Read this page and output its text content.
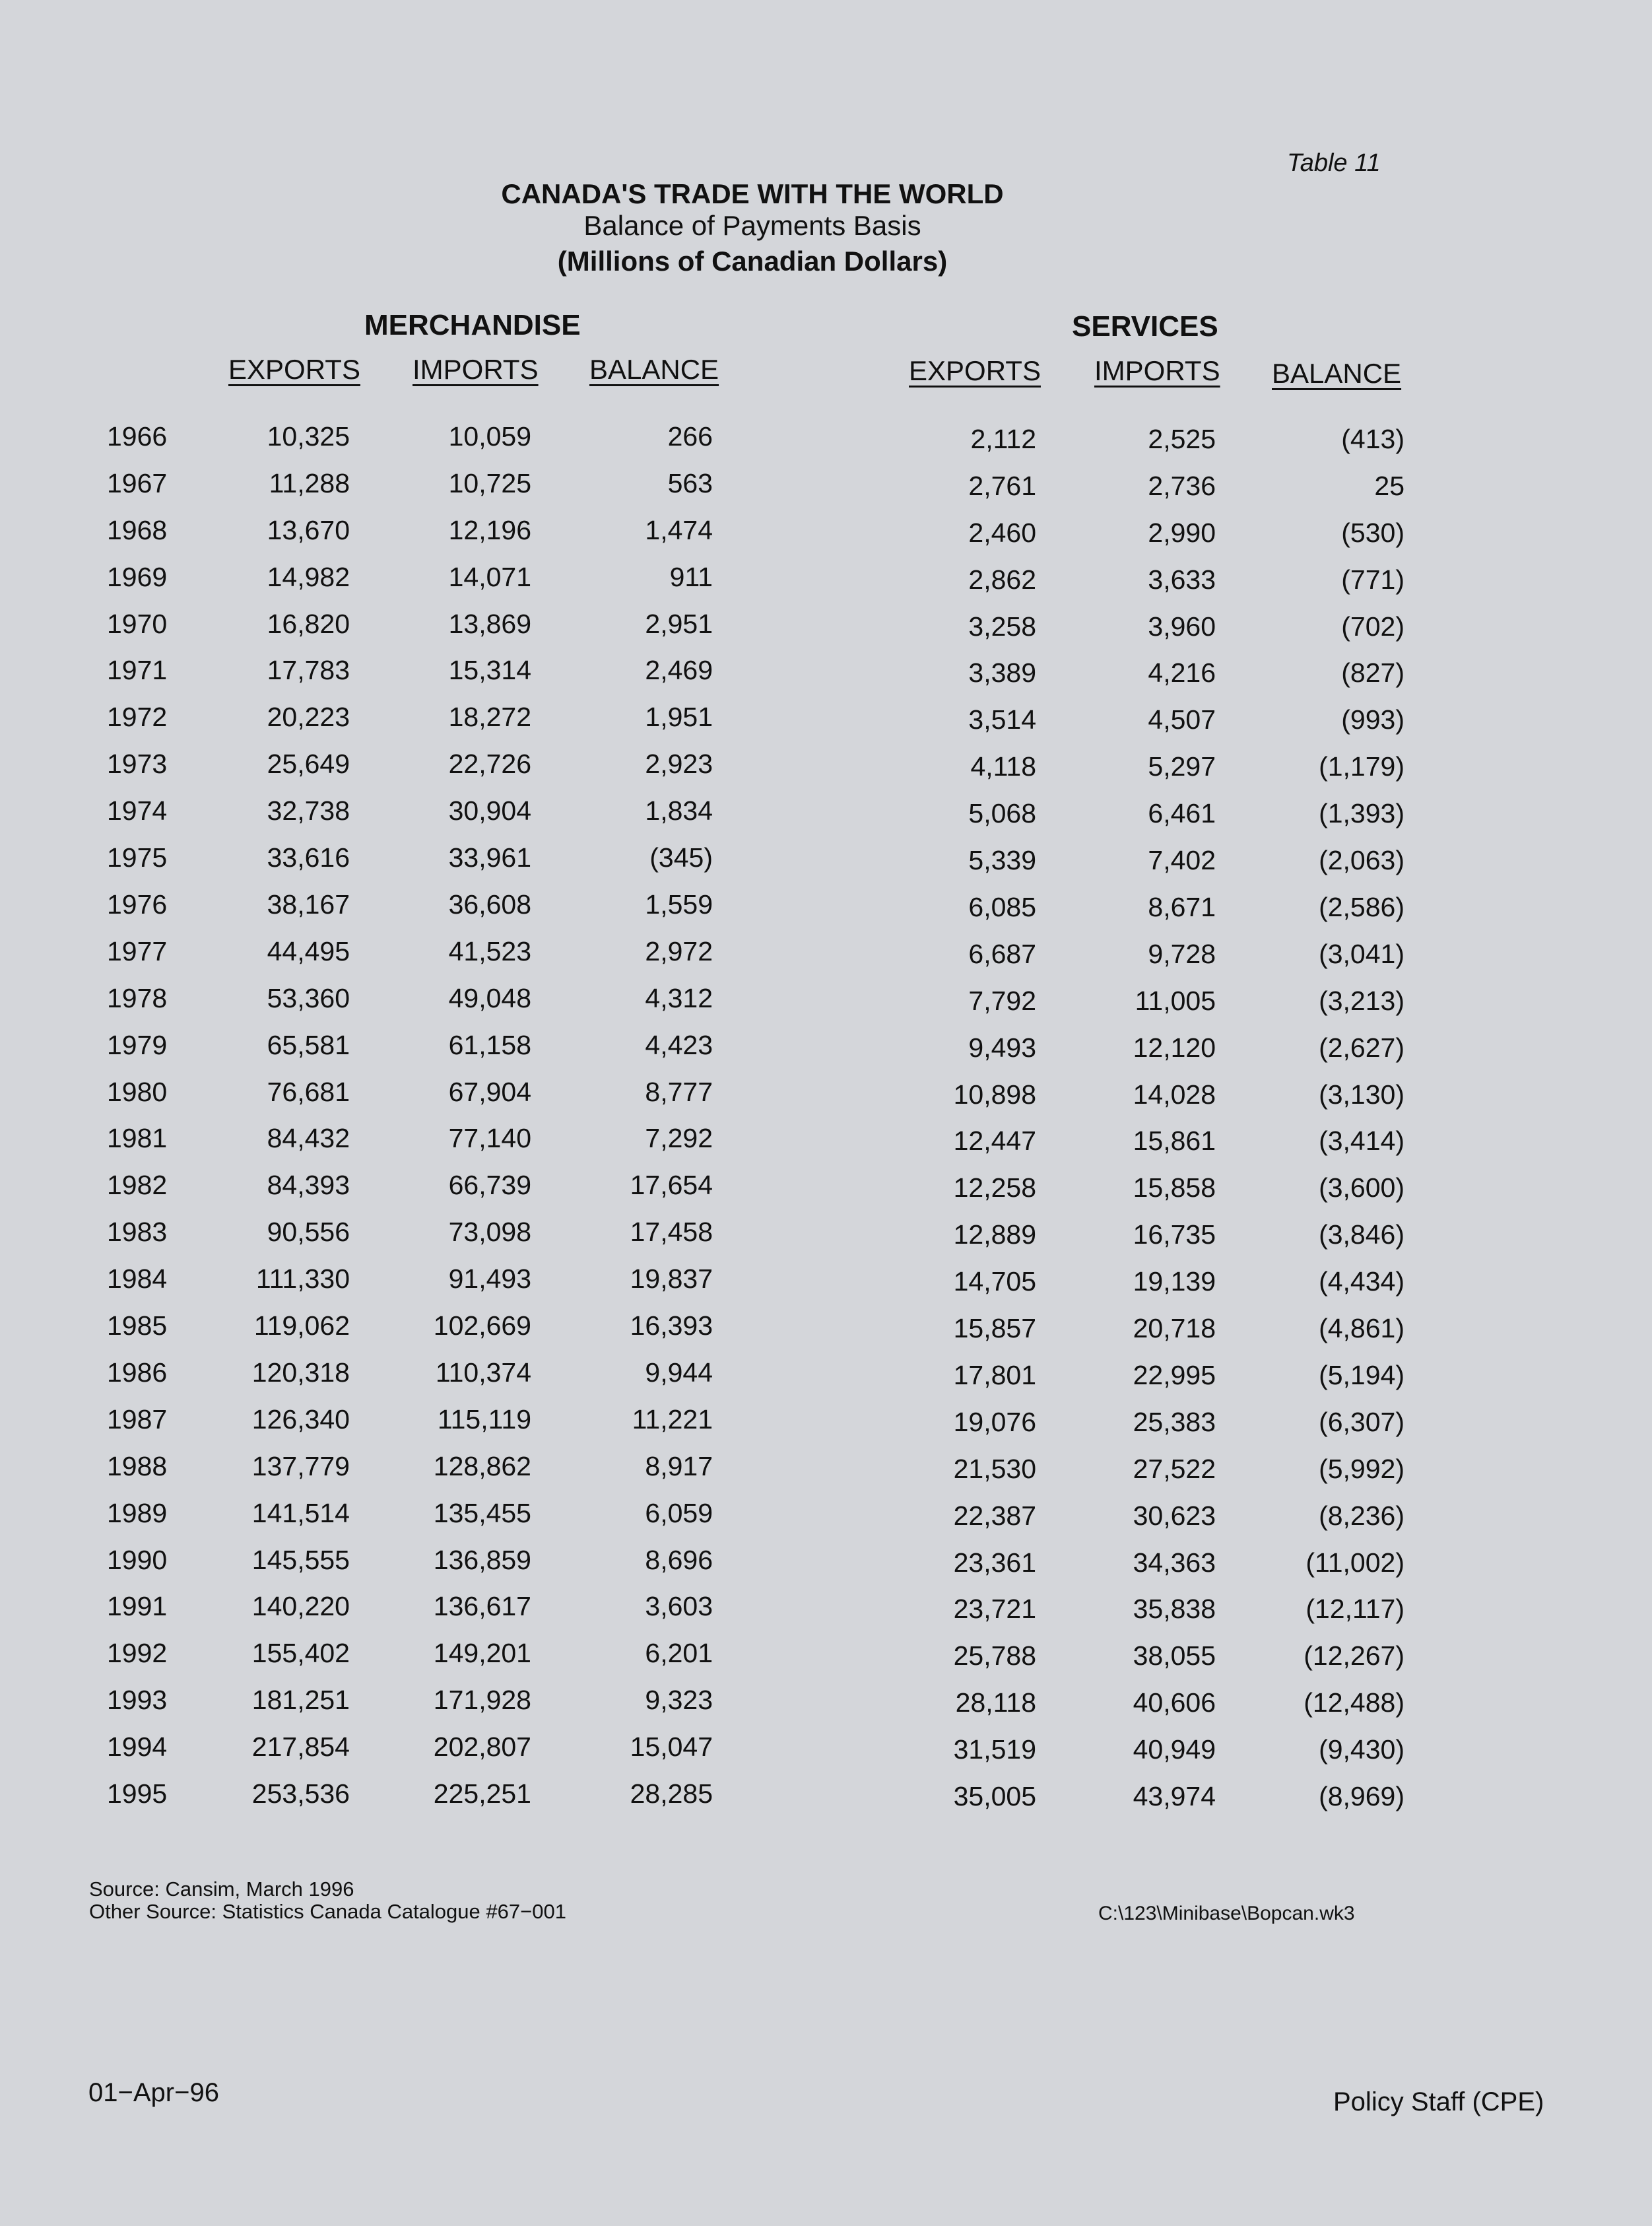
Table 11
CANADA'S TRADE WITH THE WORLD
Balance of Payments Basis
(Millions of Canadian Dollars)
MERCHANDISE	SERVICES
EXPORTS IMPORTS BALANCE	EXPORTS IMPORTS BALANCE
1966	10,325	10,059	266	2,112	2,525	(413)
1967	11,288	10,725	563	2,761	2,736	25
1968	13,670	12,196	1,474	2,460	2,990	(530)
1969	14,982	14,071	911	2,862	3,633	(771)
1970	16,820	13,869	2,951	3,258	3,960	(702)
1971	17,783	15,314	2,469	3,389	4,216	(827)
1972	20,223	18,272	1,951	3,514	4,507	(993)
1973	25,649	22,726	2,923	4,118	5,297	(1,179)
1974	32,738	30,904	1,834	5,068	6,461	(1,393)
1975	33,616	33,961	(345)	5,339	7,402	(2,063)
1976	38,167	36,608	1,559	6,085	8,671	(2,586)
1977	44,495	41,523	2,972	6,687	9,728	(3,041)
1978	53,360	49,048	4,312	7,792	11,005	(3,213)
1979	65,581	61,158	4,423	9,493	12,120	(2,627)
1980	76,681	67,904	8,777	10,898	14,028	(3,130)
1981	84,432	77,140	7,292	12,447	15,861	(3,414)
1982	84,393	66,739	17,654	12,258	15,858	(3,600)
1983	90,556	73,098	17,458	12,889	16,735	(3,846)
1984	111,330	91,493	19,837	14,705	19,139	(4,434)
1985	119,062	102,669	16,393	15,857	20,718	(4,861)
1986	120,318	110,374	9,944	17,801	22,995	(5,194)
1987	126,340	115,119	11,221	19,076	25,383	(6,307)
1988	137,779	128,862	8,917	21,530	27,522	(5,992)
1989	141,514	135,455	6,059	22,387	30,623	(8,236)
1990	145,555	136,859	8,696	23,361	34,363	(11,002)
1991	140,220	136,617	3,603	23,721	35,838	(12,117)
1992	155,402	149,201	6,201	25,788	38,055	(12,267)
1993	181,251	171,928	9,323	28,118	40,606	(12,488)
1994	217,854	202,807	15,047	31,519	40,949	(9,430)
1995	253,536	225,251	28,285	35,005	43,974	(8,969)
Source: Cansim, March 1996
Other Source: Statistics Canada Catalogue #67−001	C:\123\Minibase\Bopcan.wk3
01−Apr−96	Policy Staff (CPE)
